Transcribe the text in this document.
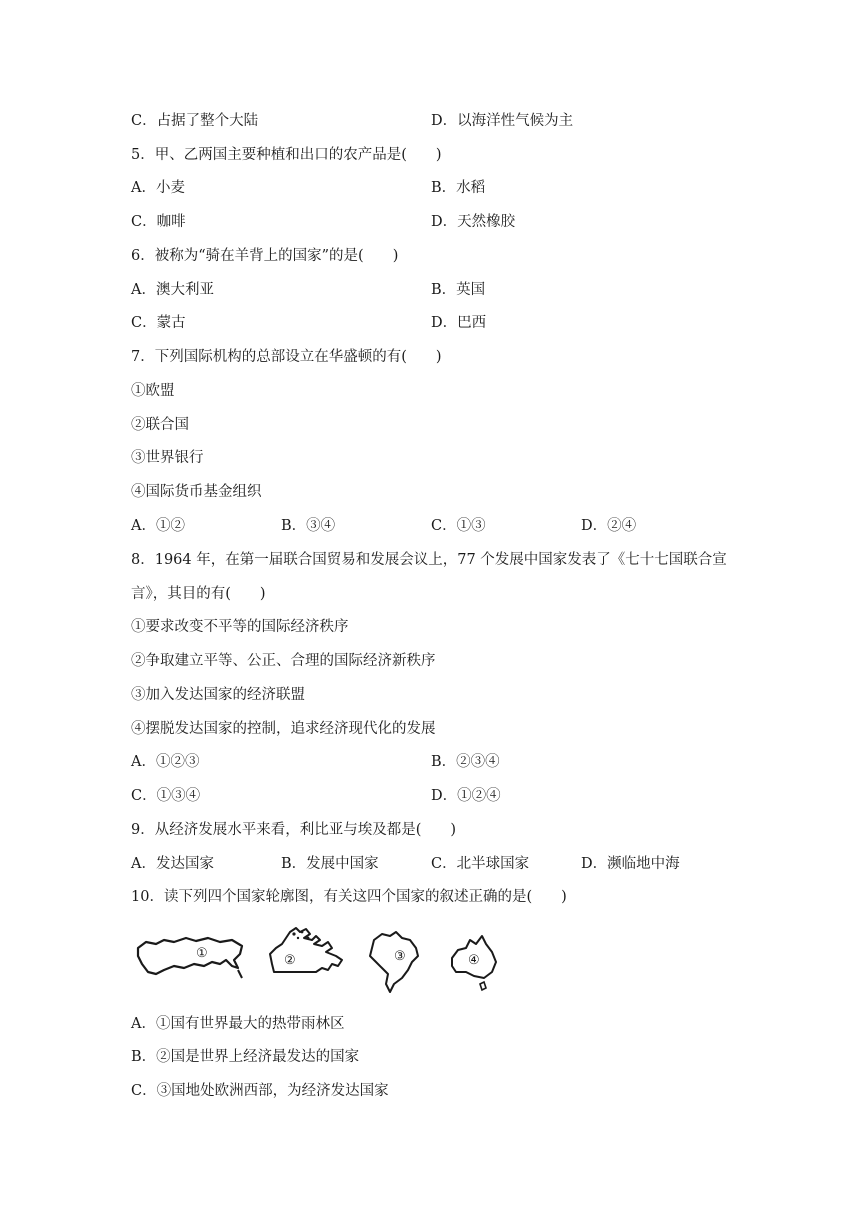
C．占据了整个大陆	D．以海洋性气候为主
5．甲、乙两国主要种植和出口的农产品是(　　)
A．小麦	B．水稻
C．咖啡	D．天然橡胶
6．被称为“骑在羊背上的国家”的是(　　)
A．澳大利亚	B．英国
C．蒙古	D．巴西
7．下列国际机构的总部设立在华盛顿的有(　　)
①欧盟
②联合国
③世界银行
④国际货币基金组织
A．①②	B．③④	C．①③	D．②④
8．1964 年，在第一届联合国贸易和发展会议上，77 个发展中国家发表了《七十七国联合宣
言》，其目的有(　　)
①要求改变不平等的国际经济秩序
②争取建立平等、公正、合理的国际经济新秩序
③加入发达国家的经济联盟
④摆脱发达国家的控制，追求经济现代化的发展
A．①②③	B．②③④
C．①③④	D．①②④
9．从经济发展水平来看，利比亚与埃及都是(　　)
A．发达国家	B．发展中国家	C．北半球国家	D．濒临地中海
10．读下列四个国家轮廓图，有关这四个国家的叙述正确的是(　　)
①	②	③	④
A．①国有世界最大的热带雨林区
B．②国是世界上经济最发达的国家
C．③国地处欧洲西部，为经济发达国家
